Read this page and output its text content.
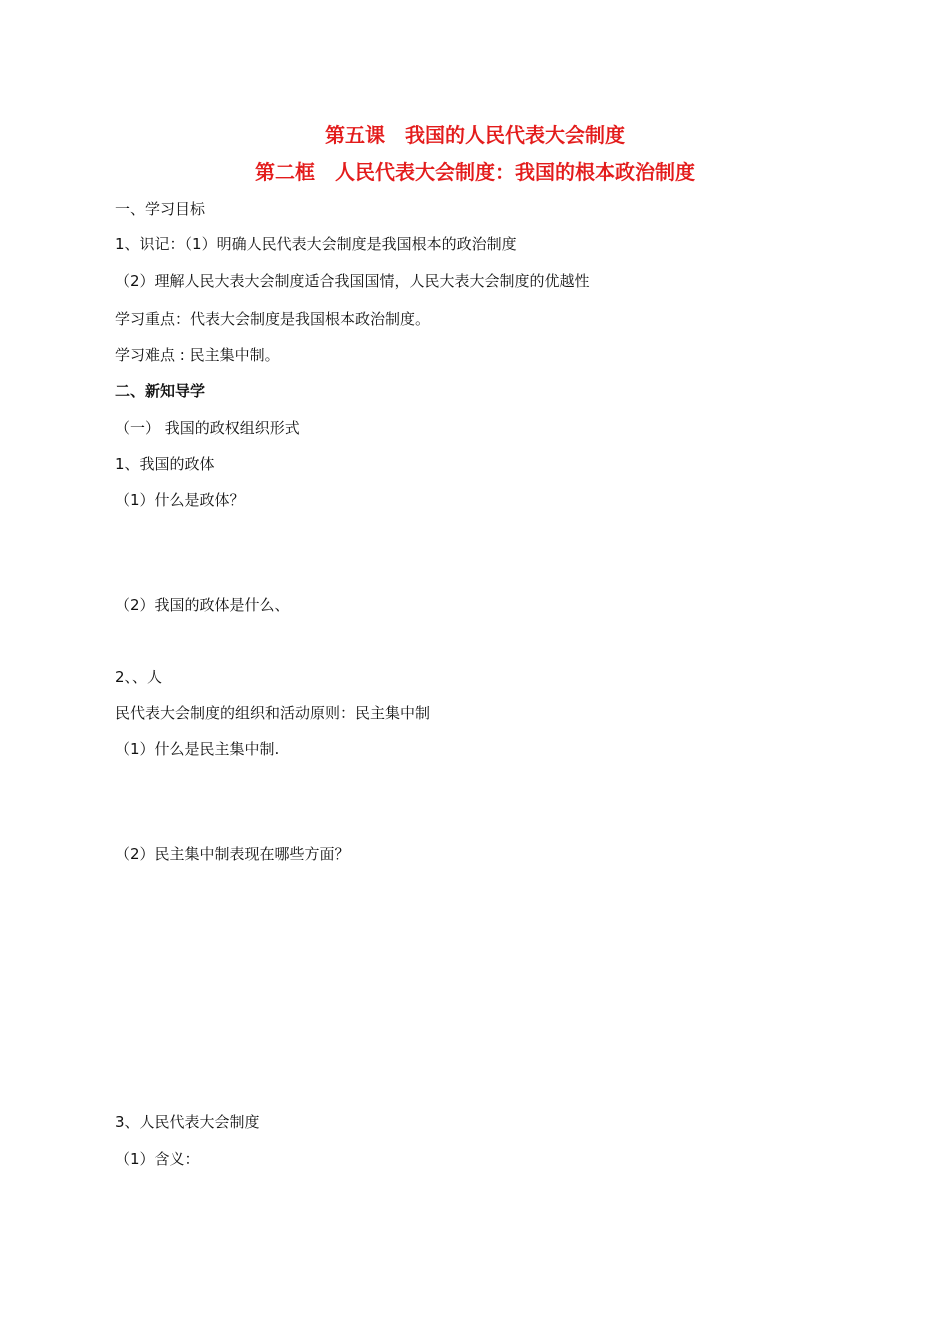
第五课　我国的人民代表大会制度
第二框　人民代表大会制度：我国的根本政治制度
一、学习目标
1、识记：（1）明确人民代表大会制度是我国根本的政治制度
（2）理解人民大表大会制度适合我国国情，人民大表大会制度的优越性
学习重点：代表大会制度是我国根本政治制度。
学习难点 : 民主集中制。
二、新知导学
（一） 我国的政权组织形式
1、我国的政体
（1）什么是政体？
（2）我国的政体是什么、
2、、人
民代表大会制度的组织和活动原则：民主集中制
（1）什么是民主集中制.
（2）民主集中制表现在哪些方面？
3、人民代表大会制度
（1）含义：
